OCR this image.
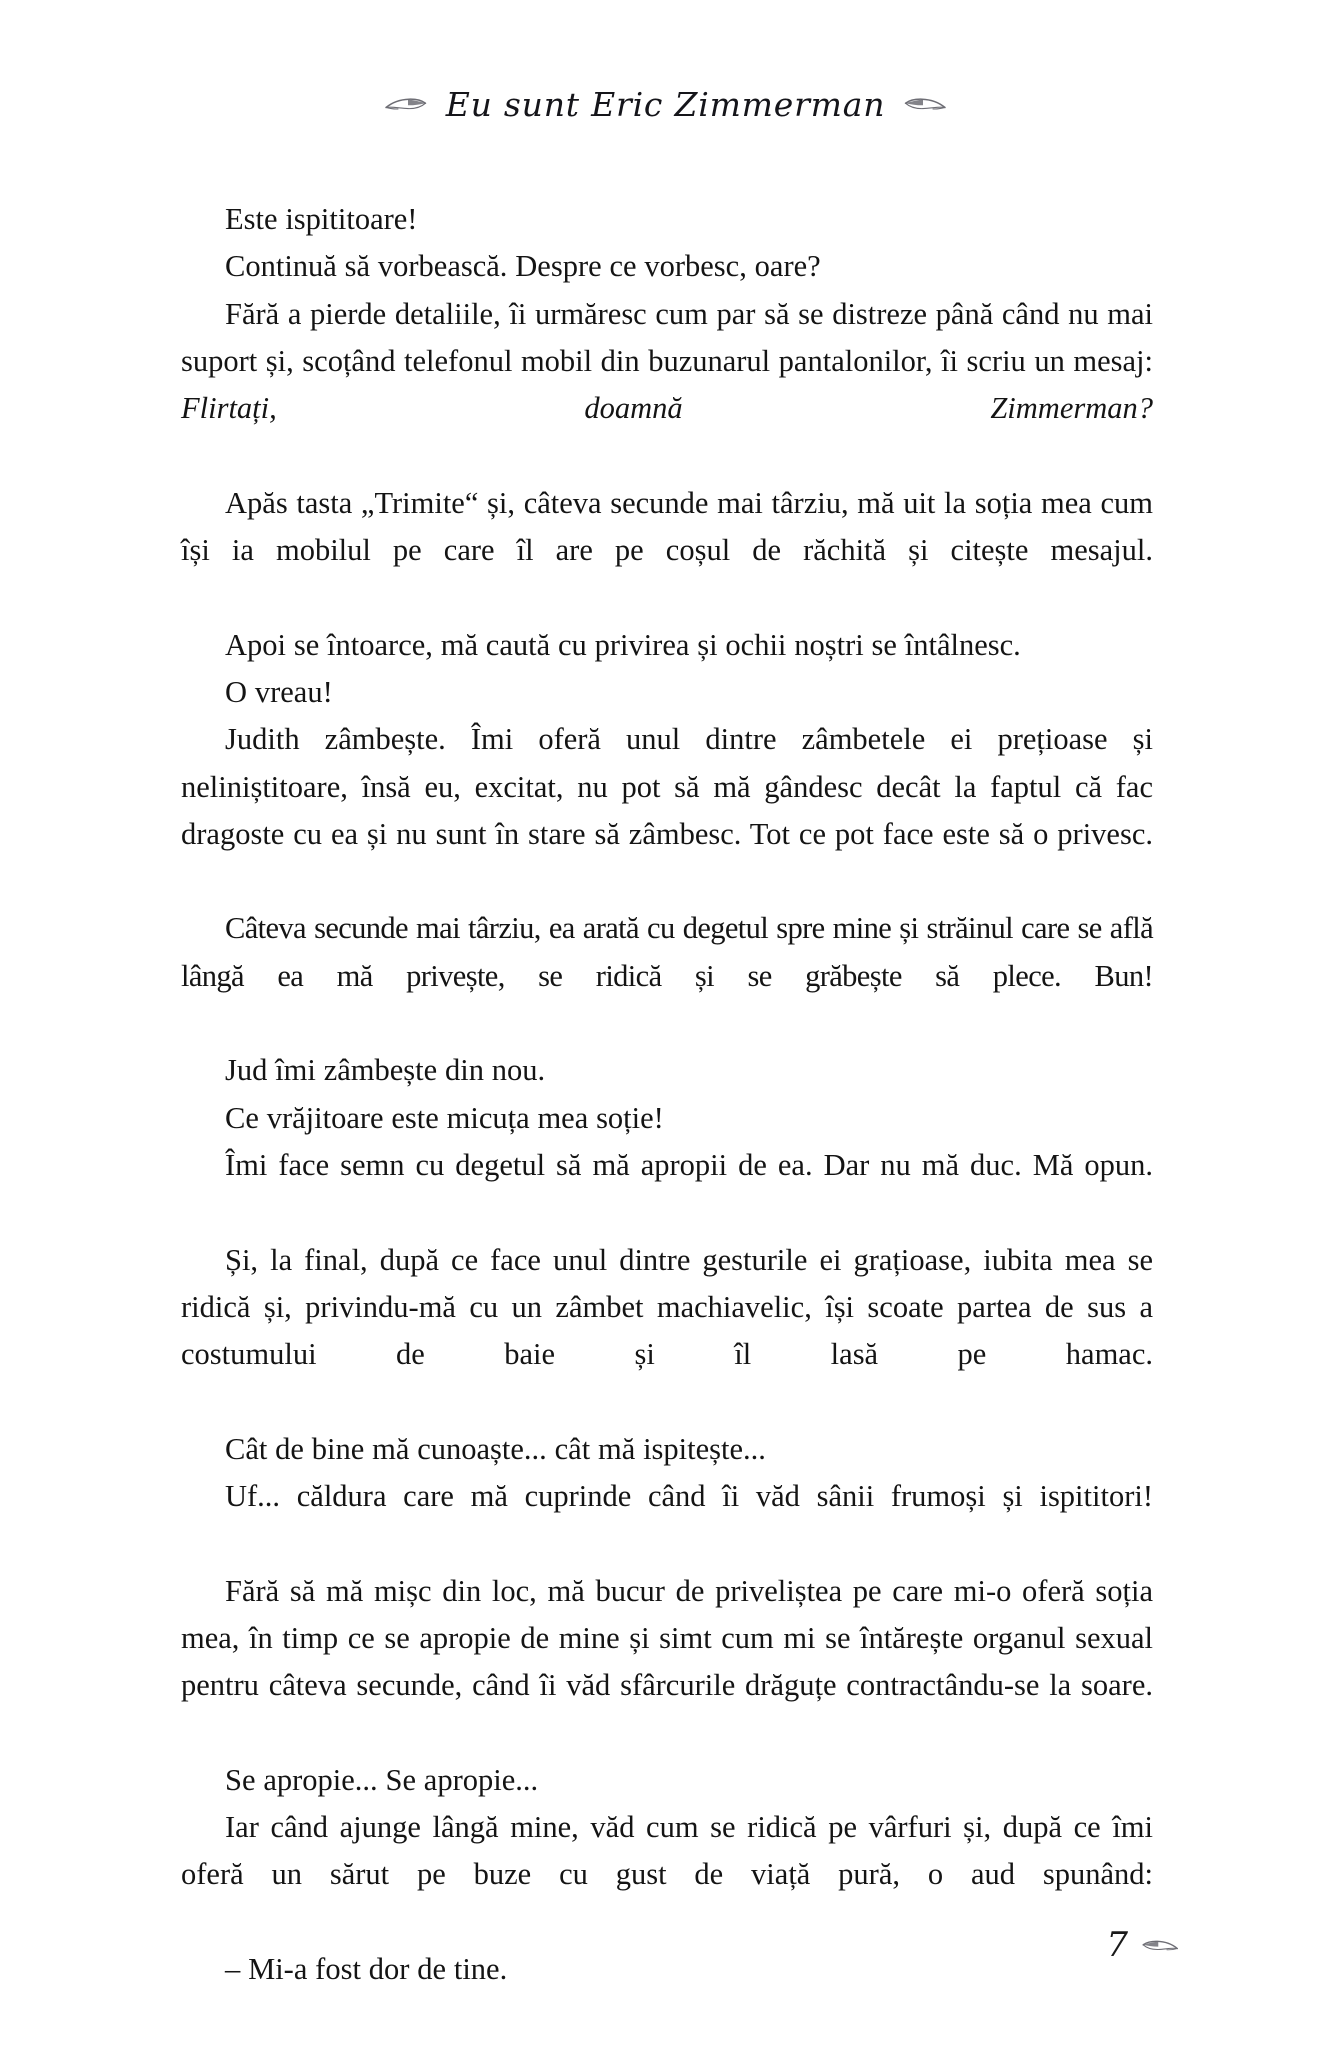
Eu sunt Eric Zimmerman

Este ispititoare!

Continuă să vorbească. Despre ce vorbesc, oare?

Fără a pierde detaliile, îi urmăresc cum par să se distreze până când nu mai suport și, scoțând telefonul mobil din buzunarul pantalonilor, îi scriu un mesaj: Flirtați, doamnă Zimmerman?

Apăs tasta „Trimite“ și, câteva secunde mai târziu, mă uit la soția mea cum își ia mobilul pe care îl are pe coșul de răchită și citește mesajul.

Apoi se întoarce, mă caută cu privirea și ochii noștri se întâlnesc.

O vreau!

Judith zâmbește. Îmi oferă unul dintre zâmbetele ei prețioase și neliniștitoare, însă eu, excitat, nu pot să mă gândesc decât la faptul că fac dragoste cu ea și nu sunt în stare să zâmbesc. Tot ce pot face este să o privesc.

Câteva secunde mai târziu, ea arată cu degetul spre mine și străinul care se află lângă ea mă privește, se ridică și se grăbește să plece. Bun!

Jud îmi zâmbește din nou.

Ce vrăjitoare este micuța mea soție!

Îmi face semn cu degetul să mă apropii de ea. Dar nu mă duc. Mă opun.

Și, la final, după ce face unul dintre gesturile ei grațioase, iubita mea se ridică și, privindu-mă cu un zâmbet machiavelic, își scoate partea de sus a costumului de baie și îl lasă pe hamac.

Cât de bine mă cunoaște... cât mă ispitește...

Uf... căldura care mă cuprinde când îi văd sânii frumoși și ispititori!

Fără să mă mișc din loc, mă bucur de priveliștea pe care mi-o oferă soția mea, în timp ce se apropie de mine și simt cum mi se întărește organul sexual pentru câteva secunde, când îi văd sfârcurile drăguțe contractându-se la soare.

Se apropie... Se apropie...

Iar când ajunge lângă mine, văd cum se ridică pe vârfuri și, după ce îmi oferă un sărut pe buze cu gust de viață pură, o aud spunând:

– Mi-a fost dor de tine.

7
